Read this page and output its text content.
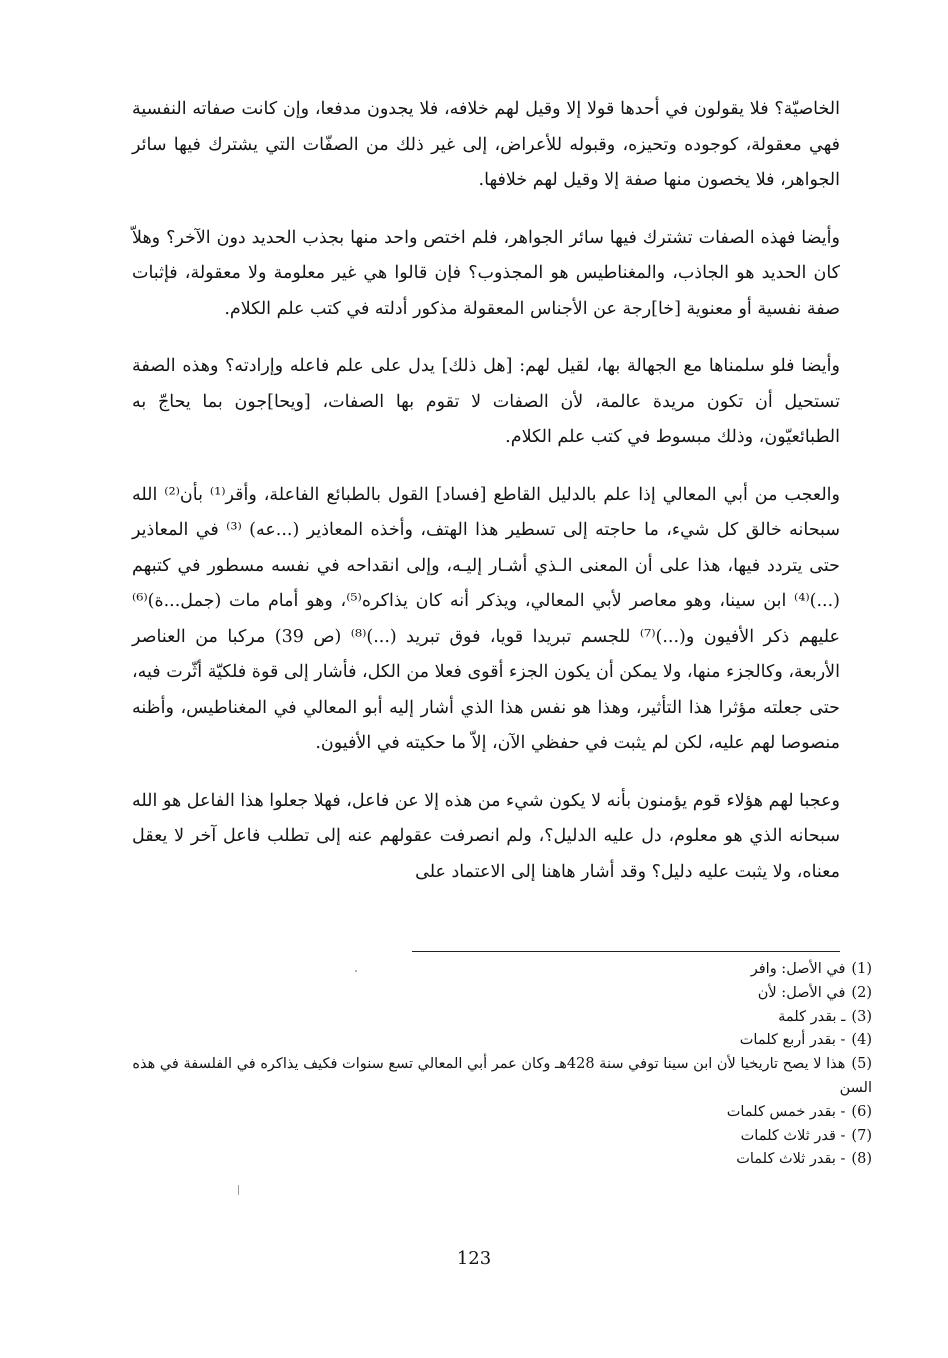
الخاصيّة؟ فلا يقولون في أحدها قولا إلا وقيل لهم خلافه، فلا يجدون مدفعا، وإن كانت صفاته النفسية فهي معقولة، كوجوده وتحيزه، وقبوله للأعراض، إلى غير ذلك من الصفّات التي يشترك فيها سائر الجواهر، فلا يخصون منها صفة إلا وقيل لهم خلافها.

وأيضا فهذه الصفات تشترك فيها سائر الجواهر، فلم اختص واحد منها بجذب الحديد دون الآخر؟ وهلاّ كان الحديد هو الجاذب، والمغناطيس هو المجذوب؟ فإن قالوا هي غير معلومة ولا معقولة، فإثبات صفة نفسية أو معنوية [خا]رجة عن الأجناس المعقولة مذكور أدلته في كتب علم الكلام.

وأيضا فلو سلمناها مع الجهالة بها، لقيل لهم: [هل ذلك] يدل على علم فاعله وإرادته؟ وهذه الصفة تستحيل أن تكون مريدة عالمة، لأن الصفات لا تقوم بها الصفات، [ويحا]جون بما يحاجّ به الطبائعيّون، وذلك مبسوط في كتب علم الكلام.

والعجب من أبي المعالي إذا علم بالدليل القاطع [فساد] القول بالطبائع الفاعلة، وأقر⁽¹⁾ بأن⁽²⁾ الله سبحانه خالق كل شيء، ما حاجته إلى تسطير هذا الهتف، وأخذه المعاذير (...عه) ⁽³⁾ في المعاذير حتى يتردد فيها، هذا على أن المعنى الـذي أشـار إليـه، وإلى انقداحه في نفسه مسطور في كتبهم (...)⁽⁴⁾ ابن سينا، وهو معاصر لأبي المعالي، ويذكر أنه كان يذاكره⁽⁵⁾، وهو أمام مات (جمل...ة)⁽⁶⁾عليهم ذكر الأفيون و(...)⁽⁷⁾ للجسم تبريدا قويا، فوق تبريد (...)⁽⁸⁾ (ص 39) مركبا من العناصر الأربعة، وكالجزء منها، ولا يمكن أن يكون الجزء أقوى فعلا من الكل، فأشار إلى قوة فلكيّة أثّرت فيه، حتى جعلته مؤثرا هذا التأثير، وهذا هو نفس هذا الذي أشار إليه أبو المعالي في المغناطيس، وأظنه منصوصا لهم عليه، لكن لم يثبت في حفظي الآن، إلاّ ما حكيته في الأفيون.

وعجبا لهم هؤلاء قوم يؤمنون بأنه لا يكون شيء من هذه إلا عن فاعل، فهلا جعلوا هذا الفاعل هو الله سبحانه الذي هو معلوم، دل عليه الدليل؟، ولم انصرفت عقولهم عنه إلى تطلب فاعل آخر لا يعقل معناه، ولا يثبت عليه دليل؟ وقد أشار هاهنا إلى الاعتماد على

(1)في الأصل: وافر

(2)في الأصل: لأن

(3)ـ بقدر كلمة

(4)- بقدر أربع كلمات

(5)هذا لا يصح تاريخيا لأن ابن سينا توفي سنة 428هـ وكان عمر أبي المعالي تسع سنوات فكيف يذاكره في الفلسفة في هذه السن

(6)- بقدر خمس كلمات

(7)- قدر ثلاث كلمات

(8)- بقدر ثلاث كلمات

123
